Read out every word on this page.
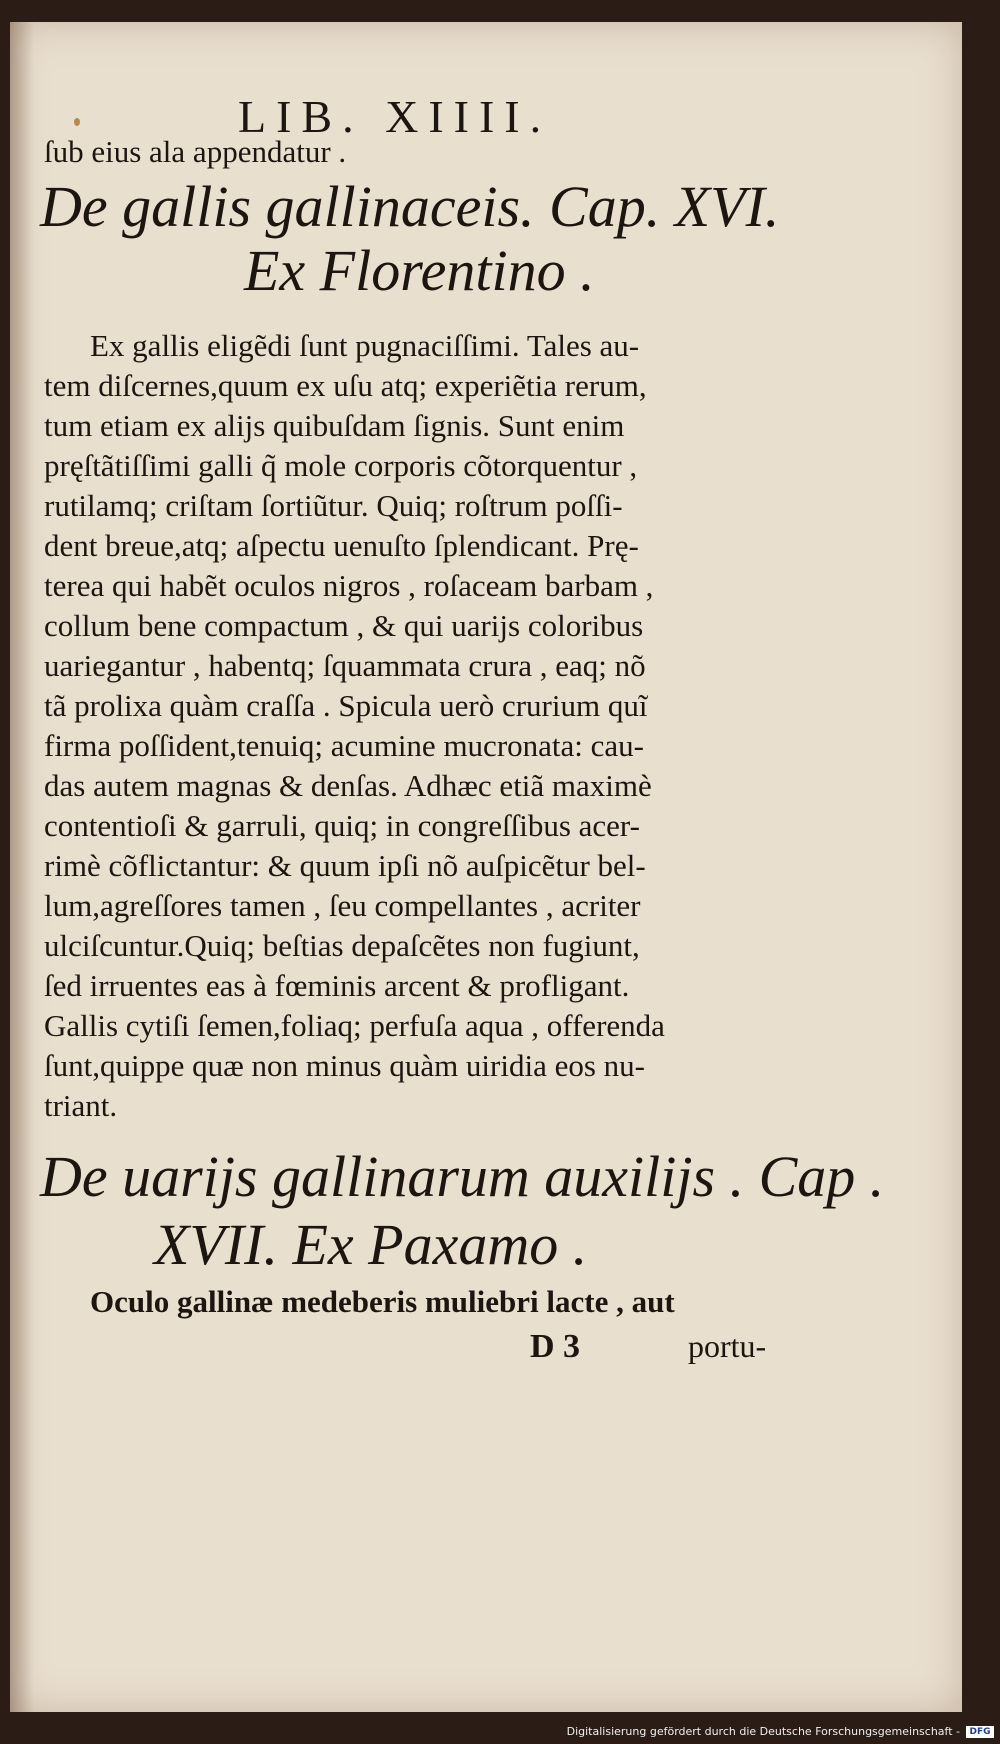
LIB. XIIII.
ſub eius ala appendatur .
De gallis gallinaceis. Cap. XVI.
Ex Florentino .
Ex gallis eligẽdi ſunt pugnaciſſimi. Tales au-
tem diſcernes,quum ex uſu atq; experiẽtia rerum,
tum etiam ex alijs quibuſdam ſignis. Sunt enim
pręſtãtiſſimi galli q̃ mole corporis cõtorquentur ,
rutilamq; criſtam ſortiũtur. Quiq; roſtrum poſſi-
dent breue,atq; aſpectu uenuſto ſplendicant. Prę-
terea qui habẽt oculos nigros , roſaceam barbam ,
collum bene compactum , & qui uarijs coloribus
uariegantur , habentq; ſquammata crura , eaq; nõ
tã prolixa quàm craſſa . Spicula uerò crurium quĩ
firma poſſident,tenuiq; acumine mucronata: cau-
das autem magnas & denſas. Adhæc etiã maximè
contentioſi & garruli, quiq; in congreſſibus acer-
rimè cõflictantur: & quum ipſi nõ auſpicẽtur bel-
lum,agreſſores tamen , ſeu compellantes , acriter
ulciſcuntur.Quiq; beſtias depaſcẽtes non fugiunt,
ſed irruentes eas à fœminis arcent & profligant.
Gallis cytiſi ſemen,foliaq; perfuſa aqua , offerenda
ſunt,quippe quæ non minus quàm uiridia eos nu-
triant.
De uarijs gallinarum auxilijs . Cap .
XVII. Ex Paxamo .
Oculo gallinæ medeberis muliebri lacte , aut
D 3	portu-
Digitalisierung gefördert durch die Deutsche Forschungsgemeinschaft -	DFG
